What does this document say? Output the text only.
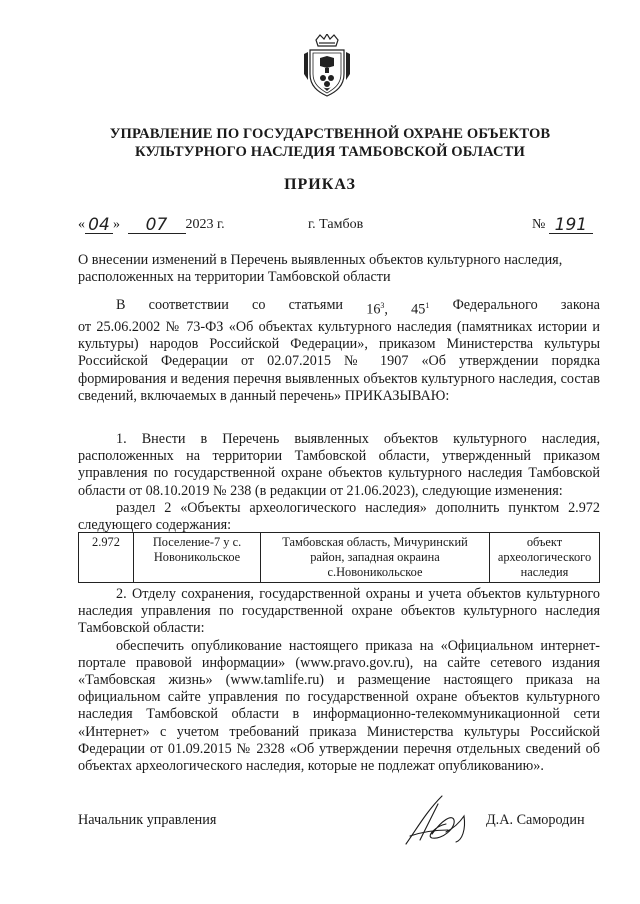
УПРАВЛЕНИЕ ПО ГОСУДАРСТВЕННОЙ ОХРАНЕ ОБЪЕКТОВ
КУЛЬТУРНОГО НАСЛЕДИЯ ТАМБОВСКОЙ ОБЛАСТИ
ПРИКАЗ
« 04 » 07 2023 г.	г. Тамбов	№ 191
О внесении изменений в Перечень выявленных объектов культурного наследия,
расположенных на территории Тамбовской области
В соответствии со статьями $16^3$, $45^1$ Федерального закона

от 25.06.2002 № 73-ФЗ «Об объектах культурного наследия (памятниках истории и культуры) народов Российской Федерации», приказом Министерства культуры Российской Федерации от 02.07.2015 № 1907 «Об утверждении порядка формирования и ведения перечня выявленных объектов культурного наследия, состав сведений, включаемых в данный перечень» ПРИКАЗЫВАЮ:

1. Внести в Перечень выявленных объектов культурного наследия, расположенных на территории Тамбовской области, утвержденный приказом управления по государственной охране объектов культурного наследия Тамбовской области от 08.10.2019 № 238 (в редакции от 21.06.2023), следующие изменения:

раздел 2 «Объекты археологического наследия» дополнить пунктом 2.972 следующего содержания:

2.972	Поселение-7 у с. Новоникольское	Тамбовская область, Мичуринский район, западная окраина с.Новоникольское	объект археологического наследия

2. Отделу сохранения, государственной охраны и учета объектов культурного наследия управления по государственной охране объектов культурного наследия Тамбовской области:

обеспечить опубликование настоящего приказа на «Официальном интернет-портале правовой информации» (www.pravo.gov.ru), на сайте сетевого издания «Тамбовская жизнь» (www.tamlife.ru) и размещение настоящего приказа на официальном сайте управления по государственной охране объектов культурного наследия Тамбовской области в информационно-телекоммуникационной сети «Интернет» с учетом требований приказа Министерства культуры Российской Федерации от 01.09.2015 № 2328 «Об утверждении перечня отдельных сведений об объектах археологического наследия, которые не подлежат опубликованию».

Начальник управления	Д.А. Самородин
